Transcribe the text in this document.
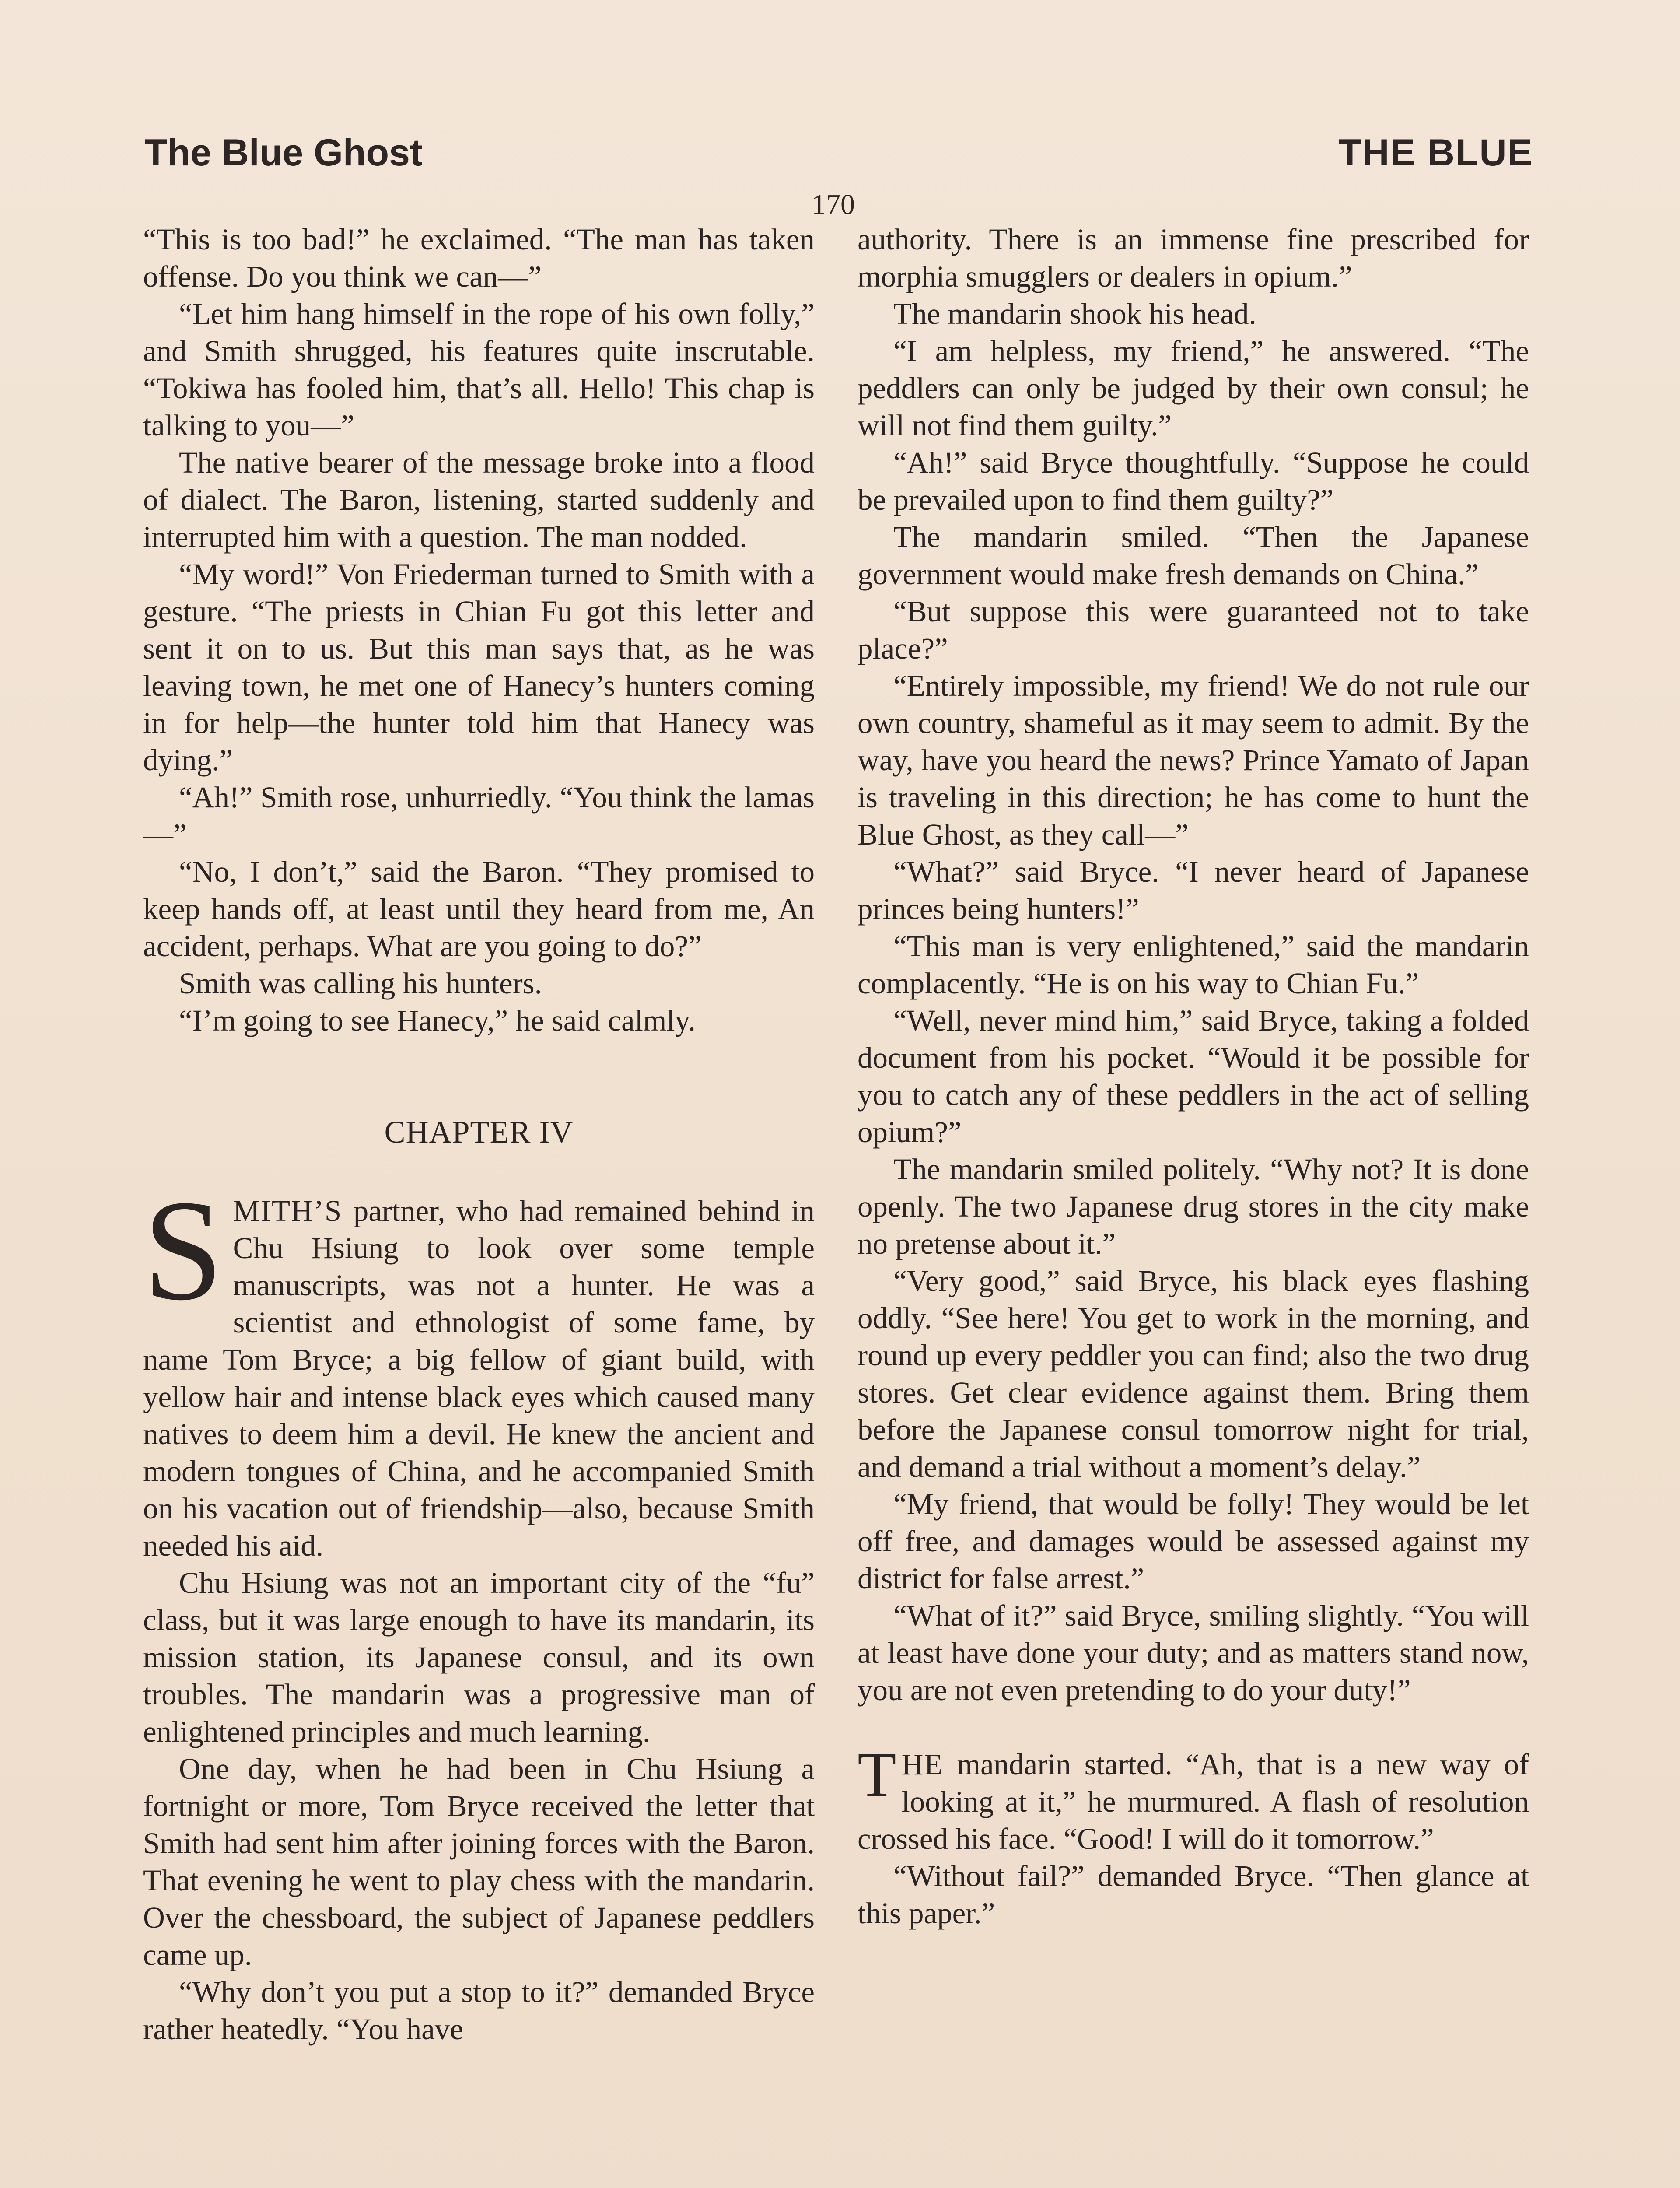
The Blue Ghost	THE BLUE
170

“This is too bad!” he exclaimed. “The man has taken offense. Do you think we can—”

“Let him hang himself in the rope of his own folly,” and Smith shrugged, his features quite inscrutable. “Tokiwa has fooled him, that’s all. Hello! This chap is talking to you—”

The native bearer of the message broke into a flood of dialect. The Baron, listening, started suddenly and interrupted him with a question. The man nodded.

“My word!” Von Friederman turned to Smith with a gesture. “The priests in Chian Fu got this letter and sent it on to us. But this man says that, as he was leaving town, he met one of Hanecy’s hunters coming in for help—the hunter told him that Hanecy was dying.”

“Ah!” Smith rose, unhurriedly. “You think the lamas—”

“No, I don’t,” said the Baron. “They promised to keep hands off, at least until they heard from me, An accident, perhaps. What are you going to do?”

Smith was calling his hunters.

“I’m going to see Hanecy,” he said calmly.

CHAPTER IV

SMITH’S partner, who had remained behind in Chu Hsiung to look over some temple manuscripts, was not a hunter. He was a scientist and ethnologist of some fame, by name Tom Bryce; a big fellow of giant build, with yellow hair and intense black eyes which caused many natives to deem him a devil. He knew the ancient and modern tongues of China, and he accompanied Smith on his vacation out of friendship—also, because Smith needed his aid.

Chu Hsiung was not an important city of the “fu” class, but it was large enough to have its mandarin, its mission station, its Japanese consul, and its own troubles. The mandarin was a progressive man of enlightened principles and much learning.

One day, when he had been in Chu Hsiung a fortnight or more, Tom Bryce received the letter that Smith had sent him after joining forces with the Baron. That evening he went to play chess with the mandarin. Over the chessboard, the subject of Japanese peddlers came up.

“Why don’t you put a stop to it?” demanded Bryce rather heatedly. “You have

authority. There is an immense fine prescribed for morphia smugglers or dealers in opium.”

The mandarin shook his head.

“I am helpless, my friend,” he answered. “The peddlers can only be judged by their own consul; he will not find them guilty.”

“Ah!” said Bryce thoughtfully. “Suppose he could be prevailed upon to find them guilty?”

The mandarin smiled. “Then the Japanese government would make fresh demands on China.”

“But suppose this were guaranteed not to take place?”

“Entirely impossible, my friend! We do not rule our own country, shameful as it may seem to admit. By the way, have you heard the news? Prince Yamato of Japan is traveling in this direction; he has come to hunt the Blue Ghost, as they call—”

“What?” said Bryce. “I never heard of Japanese princes being hunters!”

“This man is very enlightened,” said the mandarin complacently. “He is on his way to Chian Fu.”

“Well, never mind him,” said Bryce, taking a folded document from his pocket. “Would it be possible for you to catch any of these peddlers in the act of selling opium?”

The mandarin smiled politely. “Why not? It is done openly. The two Japanese drug stores in the city make no pretense about it.”

“Very good,” said Bryce, his black eyes flashing oddly. “See here! You get to work in the morning, and round up every peddler you can find; also the two drug stores. Get clear evidence against them. Bring them before the Japanese consul tomorrow night for trial, and demand a trial without a moment’s delay.”

“My friend, that would be folly! They would be let off free, and damages would be assessed against my district for false arrest.”

“What of it?” said Bryce, smiling slightly. “You will at least have done your duty; and as matters stand now, you are not even pretending to do your duty!”

THE mandarin started. “Ah, that is a new way of looking at it,” he murmured. A flash of resolution crossed his face. “Good! I will do it tomorrow.”

“Without fail?” demanded Bryce. “Then glance at this paper.”
